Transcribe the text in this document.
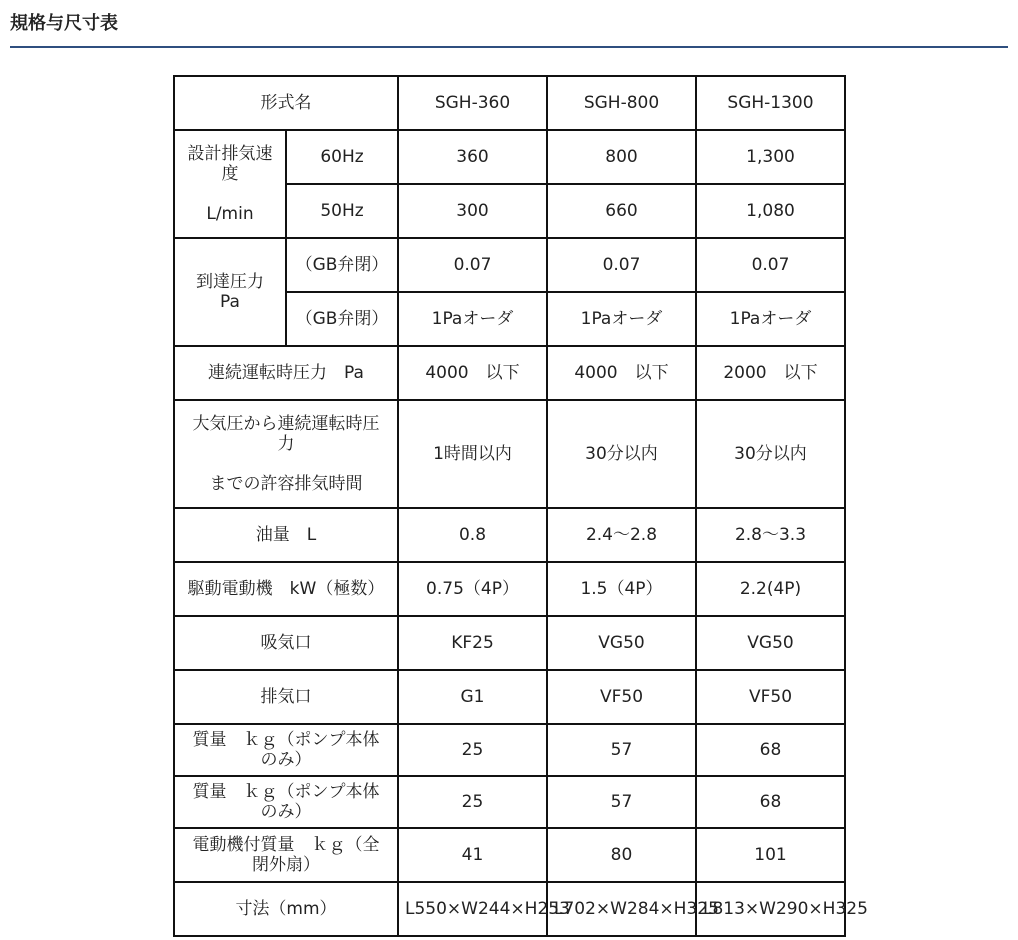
規格与尺寸表
形式名		SGH-360	SGH-800	SGH-1300

設計排気速
度
L/min	60Hz	360	800	1,300
	50Hz	300	660	1,080

到達圧力
Pa	（GB弁閉）	0.07	0.07	0.07
	（GB弁閉）	1Paオーダ	1Paオーダ	1Paオーダ
連続運転時圧力　Pa		4000　以下	4000　以下	2000　以下

大気圧から連続運転時圧
力
までの許容排気時間		1時間以内	30分以内	30分以内
油量　L		0.8	2.4～2.8	2.8～3.3
駆動電動機　kW（極数）		0.75（4P）	1.5（4P）	2.2(4P)
吸気口		KF25	VG50	VG50
排気口		G1	VF50	VF50

質量　ｋｇ（ポンプ本体
のみ）		25	57	68

質量　ｋｇ（ポンプ本体
のみ）		25	57	68

電動機付質量　ｋｇ（全
閉外扇）		41	80	101
寸法（mm）		L550×W244×H253	L702×W284×H325	L813×W290×H325
